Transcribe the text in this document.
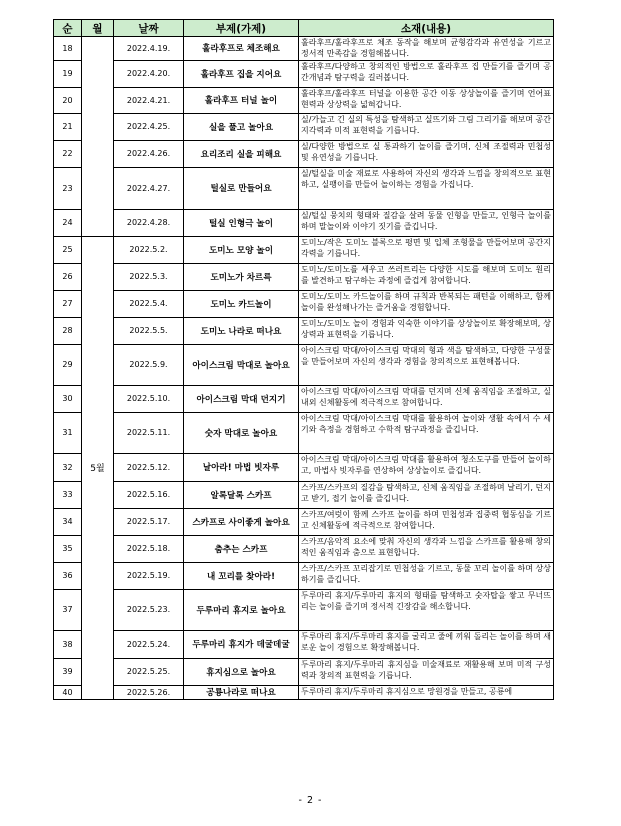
순	월	날짜	부제(가제)	소재(내용)
18		2022.4.19.	훌라후프로 체조해요	훌라후프/훌라후프로 체조 동작을 해보며 균형감각과 유연성을 기르고 정서적 만족감을 경험해봅니다.
19		2022.4.20.	훌라후프 집을 지어요	훌라후프/다양하고 창의적인 방법으로 훌라후프 집 만들기를 즐기며 공간개념과 탐구력을 길러봅니다.
20		2022.4.21.	훌라후프 터널 놀이	훌라후프/훌라후프 터널을 이용한 공간 이동 상상놀이를 즐기며 언어표현력과 상상력을 넓혀갑니다.
21		2022.4.25.	실을 풀고 놀아요	실/가늘고 긴 실의 특성을 탐색하고 실뜨기와 그림 그리기를 해보며 공간지각력과 미적 표현력을 기릅니다.
22		2022.4.26.	요리조리 실을 피해요	실/다양한 방법으로 실 통과하기 놀이를 즐기며, 신체 조절력과 민첩성 및 유연성을 기릅니다.
23		2022.4.27.	털실로 만들어요	실/털실을 미술 재료로 사용하여 자신의 생각과 느낌을 창의적으로 표현하고, 실팽이를 만들어 놀이하는 경험을 가집니다.
24		2022.4.28.	털실 인형극 놀이	실/털실 뭉치의 형태와 질감을 살려 동물 인형을 만들고, 인형극 놀이를 하며 말놀이와 이야기 짓기를 즐깁니다.
25	5월	2022.5.2.	도미노 모양 놀이	도미노/작은 도미노 블록으로 평면 및 입체 조형물을 만들어보며 공간지각력을 기릅니다.
26		2022.5.3.	도미노가 차르륵	도미노/도미노를 세우고 쓰러트리는 다양한 시도를 해보며 도미노 원리를 발견하고 탐구하는 과정에 즐겁게 참여합니다.
27		2022.5.4.	도미노 카드놀이	도미노/도미노 카드놀이를 하며 규칙과 반복되는 패턴을 이해하고, 함께 놀이를 완성해나가는 즐거움을 경험합니다.
28		2022.5.5.	도미노 나라로 떠나요	도미노/도미노 놀이 경험과 익숙한 이야기를 상상놀이로 확장해보며, 상상력과 표현력을 기릅니다.
29		2022.5.9.	아이스크림 막대로 놀아요	아이스크림 막대/아이스크림 막대의 형과 색을 탐색하고, 다양한 구성물을 만들어보며 자신의 생각과 경험을 창의적으로 표현해봅니다.
30		2022.5.10.	아이스크림 막대 던지기	아이스크림 막대/아이스크림 막대를 던지며 신체 움직임을 조절하고, 실내외 신체활동에 적극적으로 참여합니다.
31		2022.5.11.	숫자 막대로 놀아요	아이스크림 막대/아이스크림 막대를 활용하여 놀이와 생활 속에서 수 세기와 측정을 경험하고 수학적 탐구과정을 즐깁니다.
32		2022.5.12.	날아라! 마법 빗자루	아이스크림 막대/아이스크림 막대를 활용하여 청소도구를 만들어 놀이하고, 마법사 빗자루를 연상하여 상상놀이로 즐깁니다.
33		2022.5.16.	알록달록 스카프	스카프/스카프의 질감을 탐색하고, 신체 움직임을 조절하며 날리기, 던지고 받기, 접기 놀이를 즐깁니다.
34		2022.5.17.	스카프로 사이좋게 놀아요	스카프/여럿이 함께 스카프 놀이를 하며 민첩성과 집중력 협동심을 기르고 신체활동에 적극적으로 참여합니다.
35		2022.5.18.	춤추는 스카프	스카프/음악적 요소에 맞춰 자신의 생각과 느낌을 스카프를 활용해 창의적인 움직임과 춤으로 표현합니다.
36		2022.5.19.	내 꼬리를 찾아라!	스카프/스카프 꼬리잡기로 민첩성을 기르고, 동물 꼬리 놀이를 하며 상상하기를 즐깁니다.
37		2022.5.23.	두루마리 휴지로 놀아요	두루마리 휴지/두루마리 휴지의 형태를 탐색하고 숫자탑을 쌓고 무너뜨리는 놀이를 즐기며 정서적 긴장감을 해소합니다.
38		2022.5.24.	두루마리 휴지가 데굴데굴	두루마리 휴지/두루마리 휴지를 굴리고 줄에 끼워 돌리는 놀이를 하며 새로운 놀이 경험으로 확장해봅니다.
39		2022.5.25.	휴지심으로 놀아요	두루마리 휴지/두루마리 휴지심을 미술재료로 재활용해 보며 미적 구성력과 창의적 표현력을 기릅니다.
40		2022.5.26.	공룡나라로 떠나요	두루마리 휴지/두루마리 휴지심으로 망원경을 만들고, 공룡에
- 2 -
